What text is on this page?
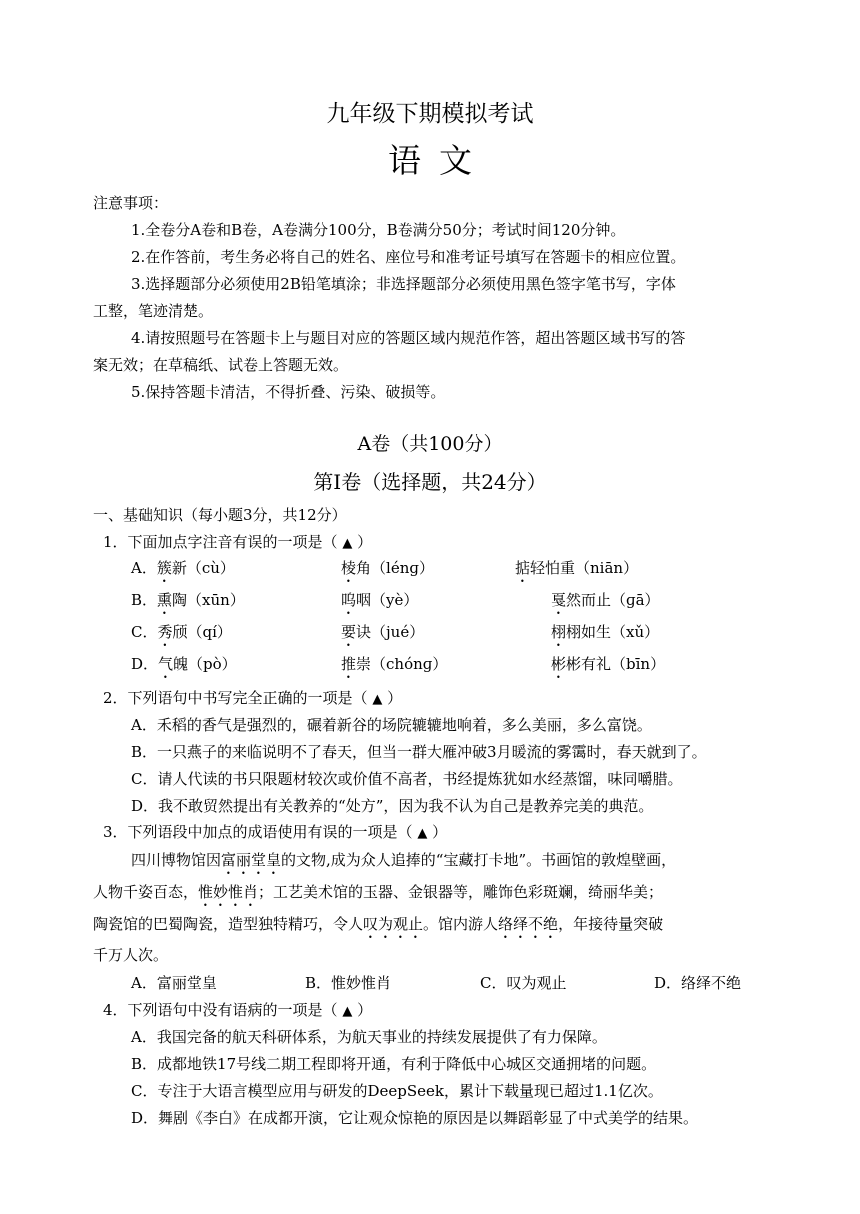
九年级下期模拟考试
语文
注意事项：
1.全卷分A卷和B卷，A卷满分100分，B卷满分50分；考试时间120分钟。
2.在作答前，考生务必将自己的姓名、座位号和准考证号填写在答题卡的相应位置。
3.选择题部分必须使用2B铅笔填涂；非选择题部分必须使用黑色签字笔书写，字体
工整，笔迹清楚。
4.请按照题号在答题卡上与题目对应的答题区域内规范作答，超出答题区域书写的答
案无效；在草稿纸、试卷上答题无效。
5.保持答题卡清洁，不得折叠、污染、破损等。
A卷（共100分）
第Ⅰ卷（选择题，共24分）
一、基础知识（每小题3分，共12分）
1．下面加点字注音有误的一项是（ ▲ ）
A．簇新（cù）	棱角（lénɡ）	掂轻怕重（niān）
B．熏陶（xūn）	呜咽（yè）	戛然而止（ɡā）
C．秀颀（qí）	要诀（jué）	栩栩如生（xǔ）
D．气魄（pò）	推崇（chónɡ）	彬彬有礼（bīn）
2．下列语句中书写完全正确的一项是（ ▲ ）
A．禾稻的香气是强烈的，碾着新谷的场院辘辘地响着，多么美丽，多么富饶。
B．一只燕子的来临说明不了春天，但当一群大雁冲破3月暖流的雾霭时，春天就到了。
C．请人代读的书只限题材较次或价值不高者，书经提炼犹如水经蒸馏，味同嚼腊。
D．我不敢贸然提出有关教养的“处方”，因为我不认为自己是教养完美的典范。
3．下列语段中加点的成语使用有误的一项是（ ▲ ）
四川博物馆因富丽堂皇的文物,成为众人追捧的“宝藏打卡地”。书画馆的敦煌壁画，
人物千姿百态，惟妙惟肖；工艺美术馆的玉器、金银器等，雕饰色彩斑斓，绮丽华美；
陶瓷馆的巴蜀陶瓷，造型独特精巧，令人叹为观止。馆内游人络绎不绝，年接待量突破
千万人次。
A．富丽堂皇	B．惟妙惟肖	C．叹为观止	D．络绎不绝
4．下列语句中没有语病的一项是（ ▲ ）
A．我国完备的航天科研体系，为航天事业的持续发展提供了有力保障。
B．成都地铁17号线二期工程即将开通，有利于降低中心城区交通拥堵的问题。
C．专注于大语言模型应用与研发的DeepSeek，累计下载量现已超过1.1亿次。
D．舞剧《李白》在成都开演，它让观众惊艳的原因是以舞蹈彰显了中式美学的结果。
